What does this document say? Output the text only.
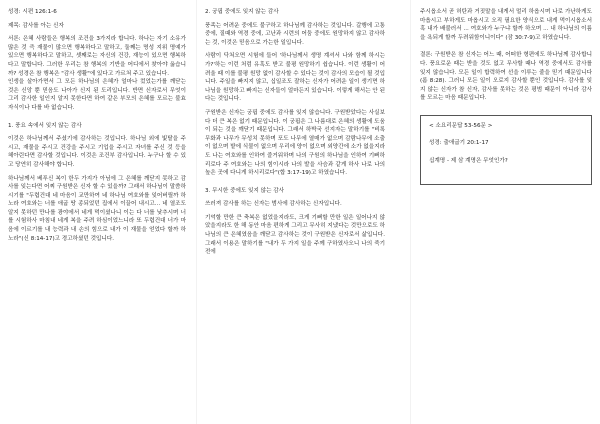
성경: 시편 126:1-6

제목: 감사를 아는 신자

서론: 은혜 사람들은 행복의 조건을 3가지라 합니다. 하나는 자기 소유가 많은 것 즉 재물이 많으면 행복하다고 말하고, 둘째는 명성 지위 명예가 있으면 행복하다고 말하고, 셋째로는 자신의 건강, 재능이 있으면 행복하다고 말합니다. 그러한 우리는 참 행복의 기반을 어디에서 찾아야 옳습니까? 성경은 참 행복은 "감사 생활"에 있다고 가르쳐 주고 있습니다.
인생을 살아가면서 그 모든 하나님의 은혜가 얼마나 컸었는가를 깨닫는 것은 신앙 뿐 믿음도 나아가 신지 된 도리입니다. 반면 신자로서 무엇이 그리 감사한 일인지 알지 못한다면 하여 같은 부모의 은혜를 모르는 불효자식이나 다를 바 없습니다.

1. 풍요 속에서 잊지 않는 감사

이것은 하나님께서 주셨기에 감사하는 것입니다. 하나님 외에 빛탈을 주시고, 재물을 주시고 건강을 주시고 기업을 주시고 자녀를 주신 것 등을 헤아린다면 감사할 것입니다. 이것은 조건부 감사입니다. 누구나 할 수 있고 당연히 감사해야 합니다.

하나님께서 베푸신 복이 한두 가지가 아님에 그 은혜를 깨닫지 못하고 감사를 잊는다면 어찌 구원받은 신자 할 수 있을까? 그래서 하나님이 말씀하시기를 "두렵건대 네 마음이 교만하여 네 하나님 여호와를 잊어버릴까 하노라 여호와는 너를 애굽 땅 종되었던 집에서 이끌어 내시고... 네 열조도 알지 못하던 만나를 광야에서 네게 먹이셨나니 이는 다 너를 낮추시며 너를 시험하사 마침내 네게 복을 주려 하심이었느니라 또 두렵건대 너가 마음에 이르기를 내 능력과 내 손의 힘으로 내가 이 재물을 얻었다 할까 하노라"(신 8:14-17)고 경고하셨던 것입니다.

2. 궁핍 중에도 잊지 않는 감사

풍족는 어려운 중에도 불구하고 하나님께 감사하는 것입니다. 갈행에 고통 중에, 질때와 역경 중에, 고난과 시련의 어둠 중에도 원망하지 않고 감사하는 것, 이것은 믿음으로 가는한 일입니다.

사람이 닥쳐오면 시험에 들어 '하나님께서 생명 계셔서 나와 함께 하시는가?'하는 이런 처럼 유혹도 받고 불평 원망하기 쉽습니다. 이런 생활이 어려울 때 이를 불평 원망 없이 감사할 수 있다는 것이 감사의 모습이 될 것입니다. 주일을 빠지지 않고, 십일조도 잘하는 신자가 어려운 일이 생기면 하나님을 원망하고 빠지는 신자들이 얼마든지 있습니다. 이렇게 해서는 안 된다는 것입니다.

구원받은 신자는 궁핍 중에도 감사를 잊지 않습니다. 구원받았다는 사실보다 더 큰 복은 없기 때문입니다. 이 궁핍은 그 나름대로 은혜의 생활에 도움이 되는 것을 깨닫기 때문입니다. 그래서 하박국 선지자는 말하기를 "비록 무화과 나무가 무성치 못하며 포도 나무에 열매가 없으며 감람나무에 소출이 없으며 밭에 식물이 없으며 우리에 양이 없으며 외양간에 소가 없을지라도 나는 여호와를 인하여 즐거워하며 나의 구원의 하나님을 인하여 기뻐하리로다 주 여호와는 나의 힘이시라 나의 발을 사슴과 같게 하사 나로 나의 높은 곳에 다니게 하시리로다"(합 3:17-19)고 하였습니다.

3. 무시한 중에도 잊지 않는 감사

쓰러져 감사를 하는 신자는 범사에 감사하는 신자입니다.

기억할 만한 큰 축복은 없었을지라도, 크게 기뻐할 만한 일은 일어나지 않았을지라도 한 해 동안 마음 편하게 그리고 무사히 지냈다는 것만으로도 하나님의 큰 은혜였음을 깨닫고 감사하는 것이 구원받은 신자로서 삶입니다. 그래서 이용은 말하기를 "내가 두 가지 일을 주께 구하였사오니 나의 죽기 전에

주시옵소서 곧 허탄과 거짓말을 내게서 멀리 하옵시며 나로 가난하게도 마옵시고 부하게도 마옵시고 오직 필요한 양식으로 내게 먹이시옵소서 혹 내가 배불러서 ... 여호와가 누구냐 할까 하오며 ... 내 하나님의 이름을 욕되게 할까 두려워함이니이다" (잠 30:7-9)고 하였습니다.

결론: 구원받은 참 신자는 어느 때, 어떠한 형편에도 하나님께 감사합니다. 풍요로운 때는 받을 것도 없고 무사할 때나 역경 중에서도 감사를 잊지 않습니다. 모든 일이 합력하여 선을 이루는 줄을 믿기 때문입니다(롬 8:28). 그러니 모든 일이 오로지 감사할 뿐인 것입니다. 감사를 잊지 않는 신자가 참 신자, 감사를 못하는 것은 평범 때문이 아니라 감사를 모르는 마음 때문입니다.

< 소요리문답 53-56문 >
성경: 출애굽기 20:1-17
십계명 - 제 삼 계명은 무엇인가?
